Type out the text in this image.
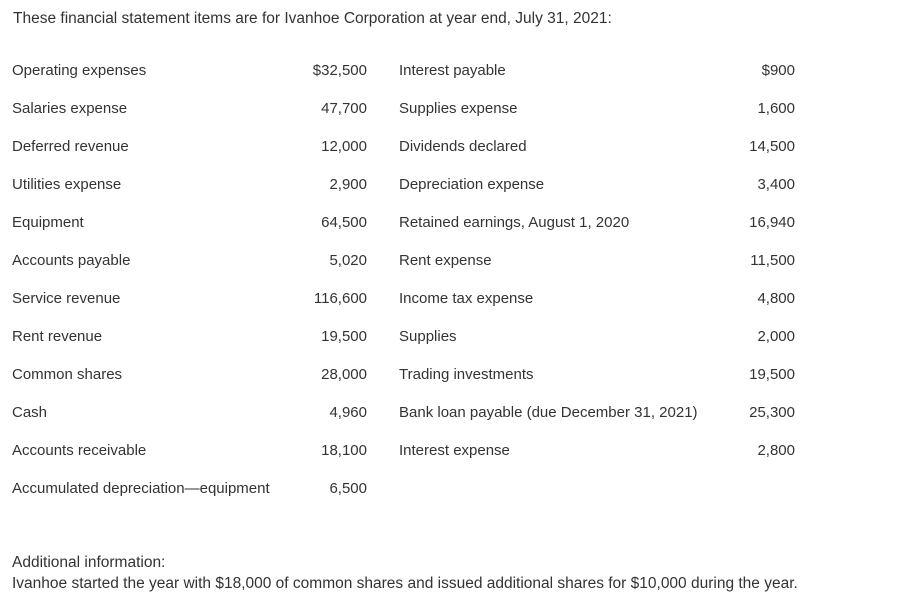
These financial statement items are for Ivanhoe Corporation at year end, July 31, 2021:
Operating expenses	$32,500		Interest payable	$900
Salaries expense	47,700		Supplies expense	1,600
Deferred revenue	12,000		Dividends declared	14,500
Utilities expense	2,900		Depreciation expense	3,400
Equipment	64,500		Retained earnings, August 1, 2020	16,940
Accounts payable	5,020		Rent expense	11,500
Service revenue	116,600		Income tax expense	4,800
Rent revenue	19,500		Supplies	2,000
Common shares	28,000		Trading investments	19,500
Cash	4,960		Bank loan payable (due December 31, 2021)	25,300
Accounts receivable	18,100		Interest expense	2,800
Accumulated depreciation—equipment	6,500			
Additional information:
Ivanhoe started the year with $18,000 of common shares and issued additional shares for $10,000 during the year.
